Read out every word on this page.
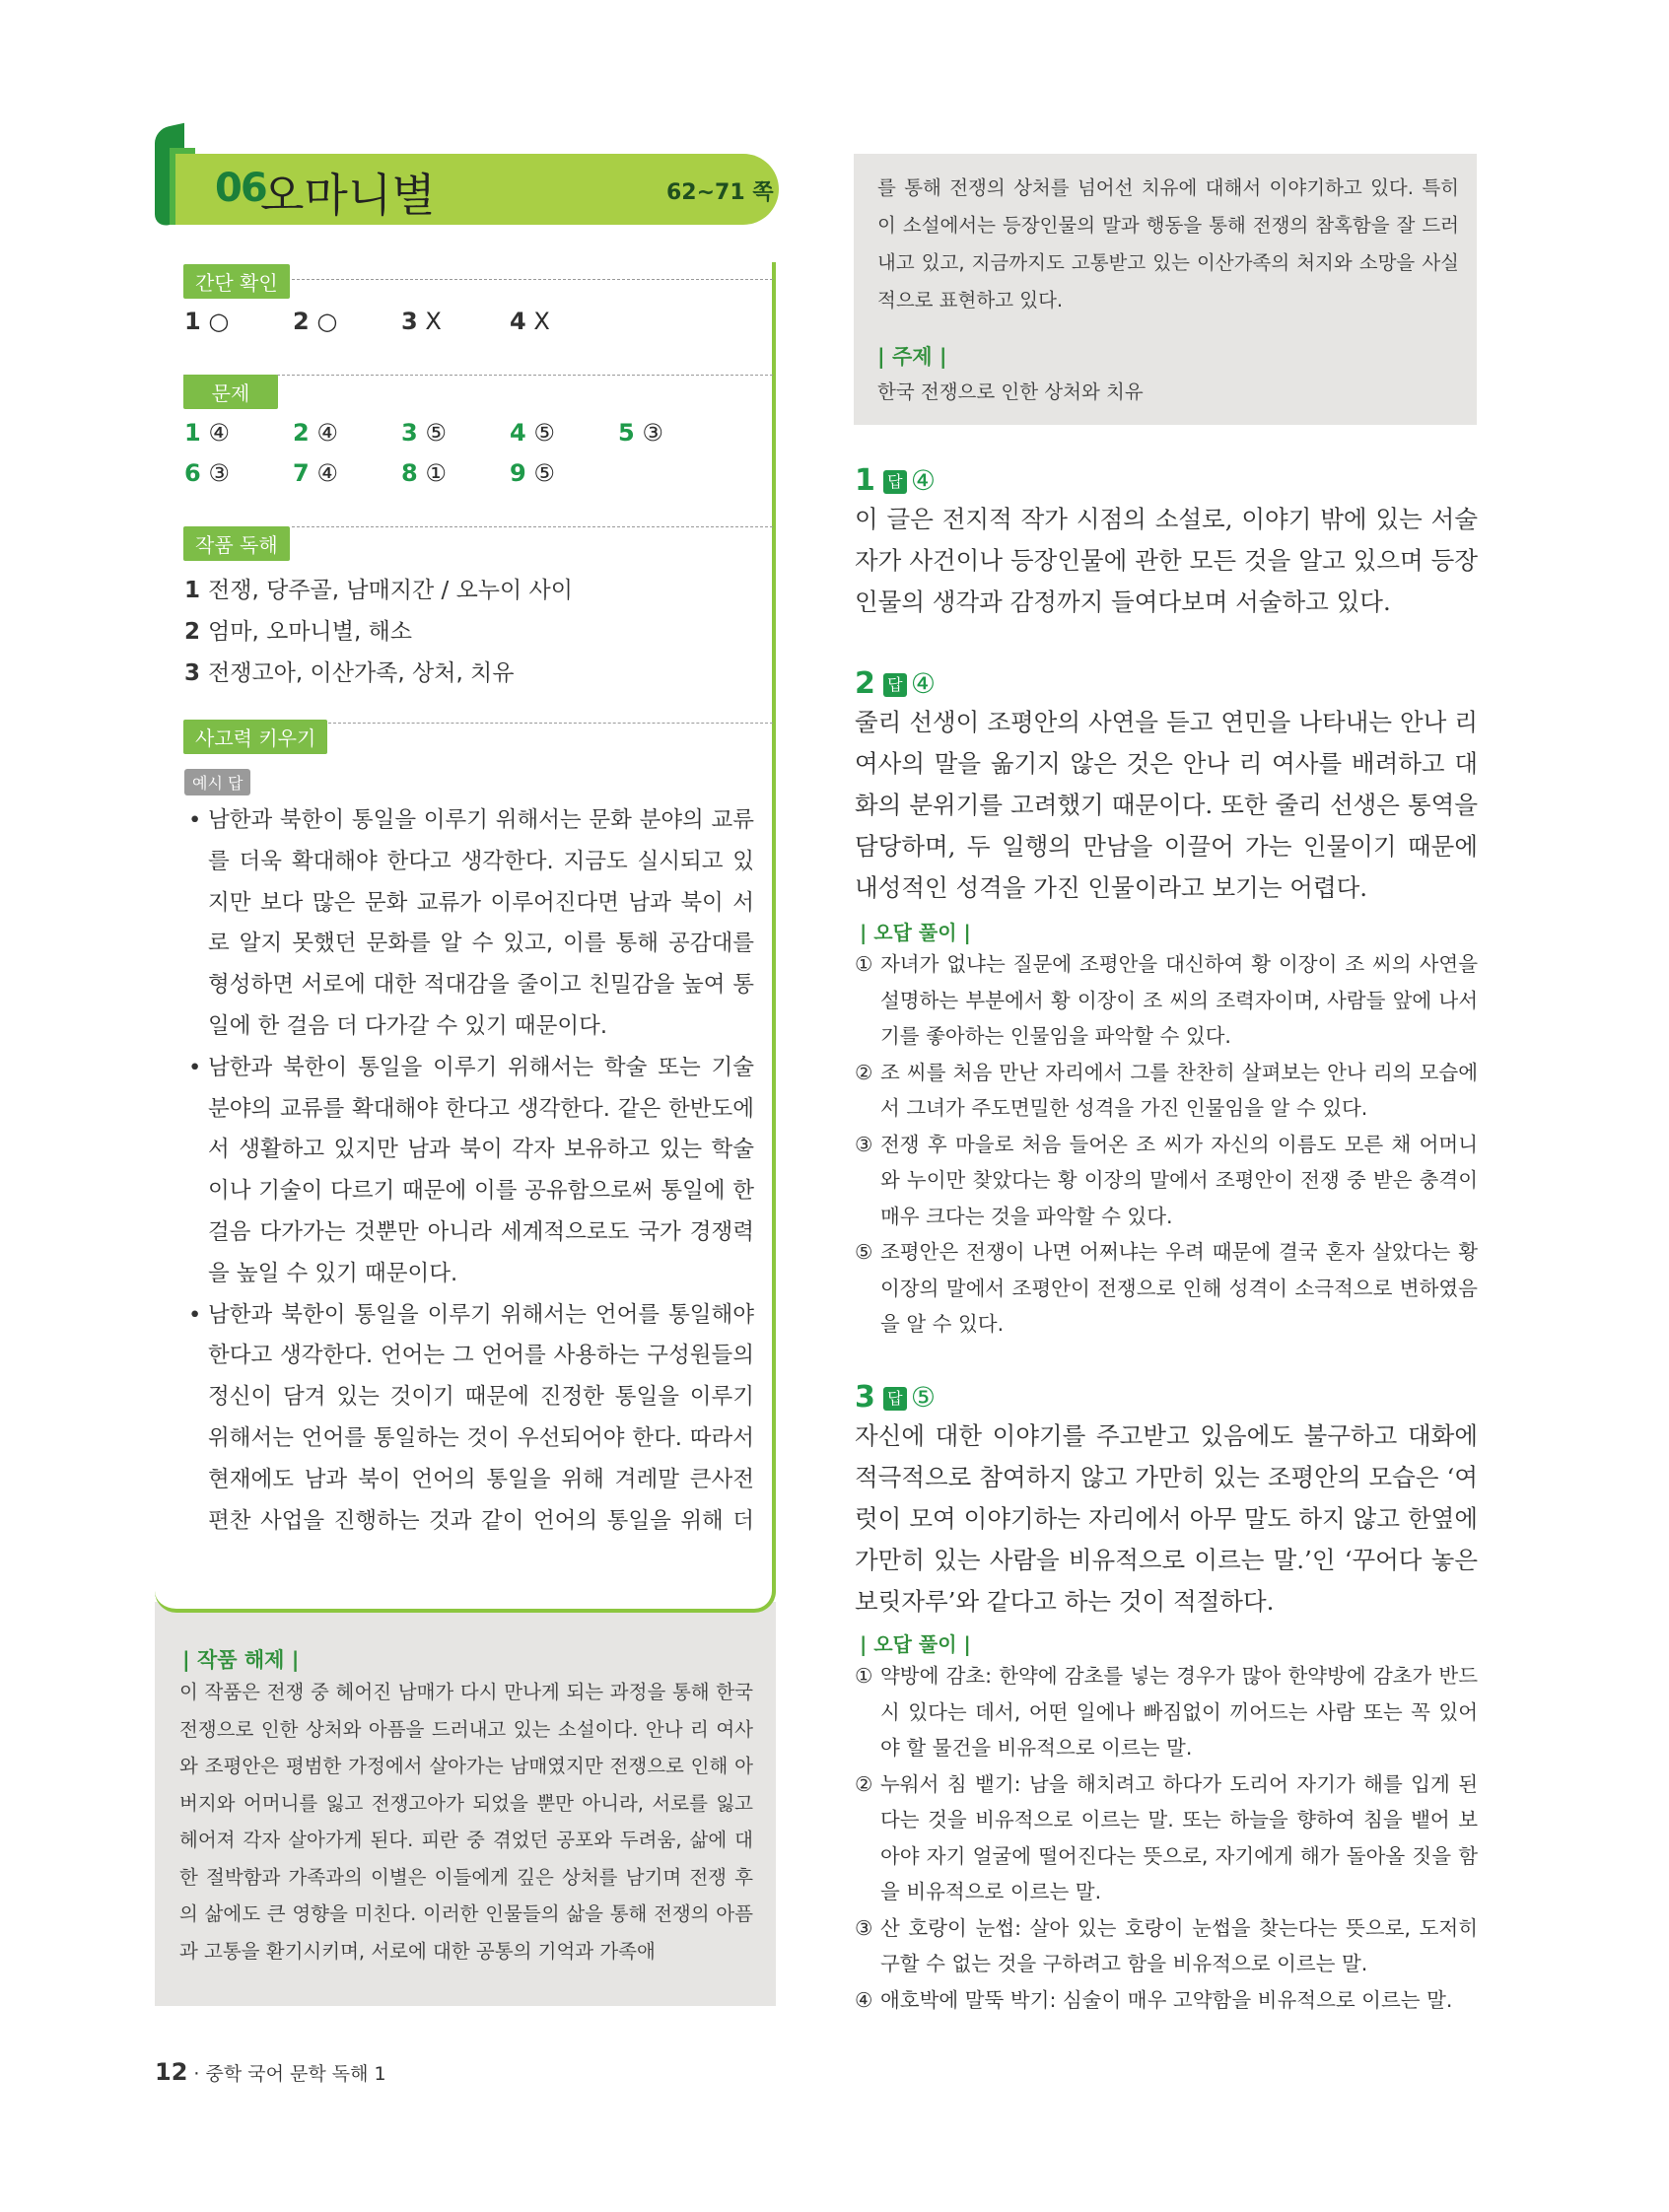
06
오마니별	62~71 쪽
간단 확인
1 ○	2 ○	3 X	4 X
문제
1 ④	2 ④	3 ⑤	4 ⑤	5 ③
6 ③	7 ④	8 ①	9 ⑤
작품 독해
1 전쟁, 당주골, 남매지간 / 오누이 사이
2 엄마, 오마니별, 해소
3 전쟁고아, 이산가족, 상처, 치유
사고력 키우기
예시 답
• 남한과 북한이 통일을 이루기 위해서는 문화 분야의 교류를 더욱 확대해야 한다고 생각한다. 지금도 실시되고 있지만 보다 많은 문화 교류가 이루어진다면 남과 북이 서로 알지 못했던 문화를 알 수 있고, 이를 통해 공감대를 형성하면 서로에 대한 적대감을 줄이고 친밀감을 높여 통일에 한 걸음 더 다가갈 수 있기 때문이다.
• 남한과 북한이 통일을 이루기 위해서는 학술 또는 기술 분야의 교류를 확대해야 한다고 생각한다. 같은 한반도에서 생활하고 있지만 남과 북이 각자 보유하고 있는 학술이나 기술이 다르기 때문에 이를 공유함으로써 통일에 한 걸음 다가가는 것뿐만 아니라 세계적으로도 국가 경쟁력을 높일 수 있기 때문이다.
• 남한과 북한이 통일을 이루기 위해서는 언어를 통일해야 한다고 생각한다. 언어는 그 언어를 사용하는 구성원들의 정신이 담겨 있는 것이기 때문에 진정한 통일을 이루기 위해서는 언어를 통일하는 것이 우선되어야 한다. 따라서 현재에도 남과 북이 언어의 통일을 위해 겨레말 큰사전 편찬 사업을 진행하는 것과 같이 언어의 통일을 위해 더
| 작품 해제 |
이 작품은 전쟁 중 헤어진 남매가 다시 만나게 되는 과정을 통해 한국 전쟁으로 인한 상처와 아픔을 드러내고 있는 소설이다. 안나 리 여사와 조평안은 평범한 가정에서 살아가는 남매였지만 전쟁으로 인해 아버지와 어머니를 잃고 전쟁고아가 되었을 뿐만 아니라, 서로를 잃고 헤어져 각자 살아가게 된다. 피란 중 겪었던 공포와 두려움, 삶에 대한 절박함과 가족과의 이별은 이들에게 깊은 상처를 남기며 전쟁 후의 삶에도 큰 영향을 미친다. 이러한 인물들의 삶을 통해 전쟁의 아픔과 고통을 환기시키며, 서로에 대한 공통의 기억과 가족애
를 통해 전쟁의 상처를 넘어선 치유에 대해서 이야기하고 있다. 특히 이 소설에서는 등장인물의 말과 행동을 통해 전쟁의 참혹함을 잘 드러내고 있고, 지금까지도 고통받고 있는 이산가족의 처지와 소망을 사실적으로 표현하고 있다.
| 주제 |
한국 전쟁으로 인한 상처와 치유
1 답 ④
이 글은 전지적 작가 시점의 소설로, 이야기 밖에 있는 서술자가 사건이나 등장인물에 관한 모든 것을 알고 있으며 등장인물의 생각과 감정까지 들여다보며 서술하고 있다.
2 답 ④
줄리 선생이 조평안의 사연을 듣고 연민을 나타내는 안나 리 여사의 말을 옮기지 않은 것은 안나 리 여사를 배려하고 대화의 분위기를 고려했기 때문이다. 또한 줄리 선생은 통역을 담당하며, 두 일행의 만남을 이끌어 가는 인물이기 때문에 내성적인 성격을 가진 인물이라고 보기는 어렵다.
| 오답 풀이 |
① 자녀가 없냐는 질문에 조평안을 대신하여 황 이장이 조 씨의 사연을 설명하는 부분에서 황 이장이 조 씨의 조력자이며, 사람들 앞에 나서기를 좋아하는 인물임을 파악할 수 있다.
② 조 씨를 처음 만난 자리에서 그를 찬찬히 살펴보는 안나 리의 모습에서 그녀가 주도면밀한 성격을 가진 인물임을 알 수 있다.
③ 전쟁 후 마을로 처음 들어온 조 씨가 자신의 이름도 모른 채 어머니와 누이만 찾았다는 황 이장의 말에서 조평안이 전쟁 중 받은 충격이 매우 크다는 것을 파악할 수 있다.
⑤ 조평안은 전쟁이 나면 어쩌냐는 우려 때문에 결국 혼자 살았다는 황 이장의 말에서 조평안이 전쟁으로 인해 성격이 소극적으로 변하였음을 알 수 있다.
3 답 ⑤
자신에 대한 이야기를 주고받고 있음에도 불구하고 대화에 적극적으로 참여하지 않고 가만히 있는 조평안의 모습은 ‘여럿이 모여 이야기하는 자리에서 아무 말도 하지 않고 한옆에 가만히 있는 사람을 비유적으로 이르는 말.’인 ‘꾸어다 놓은 보릿자루’와 같다고 하는 것이 적절하다.
| 오답 풀이 |
① 약방에 감초: 한약에 감초를 넣는 경우가 많아 한약방에 감초가 반드시 있다는 데서, 어떤 일에나 빠짐없이 끼어드는 사람 또는 꼭 있어야 할 물건을 비유적으로 이르는 말.
② 누워서 침 뱉기: 남을 해치려고 하다가 도리어 자기가 해를 입게 된다는 것을 비유적으로 이르는 말. 또는 하늘을 향하여 침을 뱉어 보아야 자기 얼굴에 떨어진다는 뜻으로, 자기에게 해가 돌아올 짓을 함을 비유적으로 이르는 말.
③ 산 호랑이 눈썹: 살아 있는 호랑이 눈썹을 찾는다는 뜻으로, 도저히 구할 수 없는 것을 구하려고 함을 비유적으로 이르는 말.
④ 애호박에 말뚝 박기: 심술이 매우 고약함을 비유적으로 이르는 말.
12 · 중학 국어 문학 독해 1
